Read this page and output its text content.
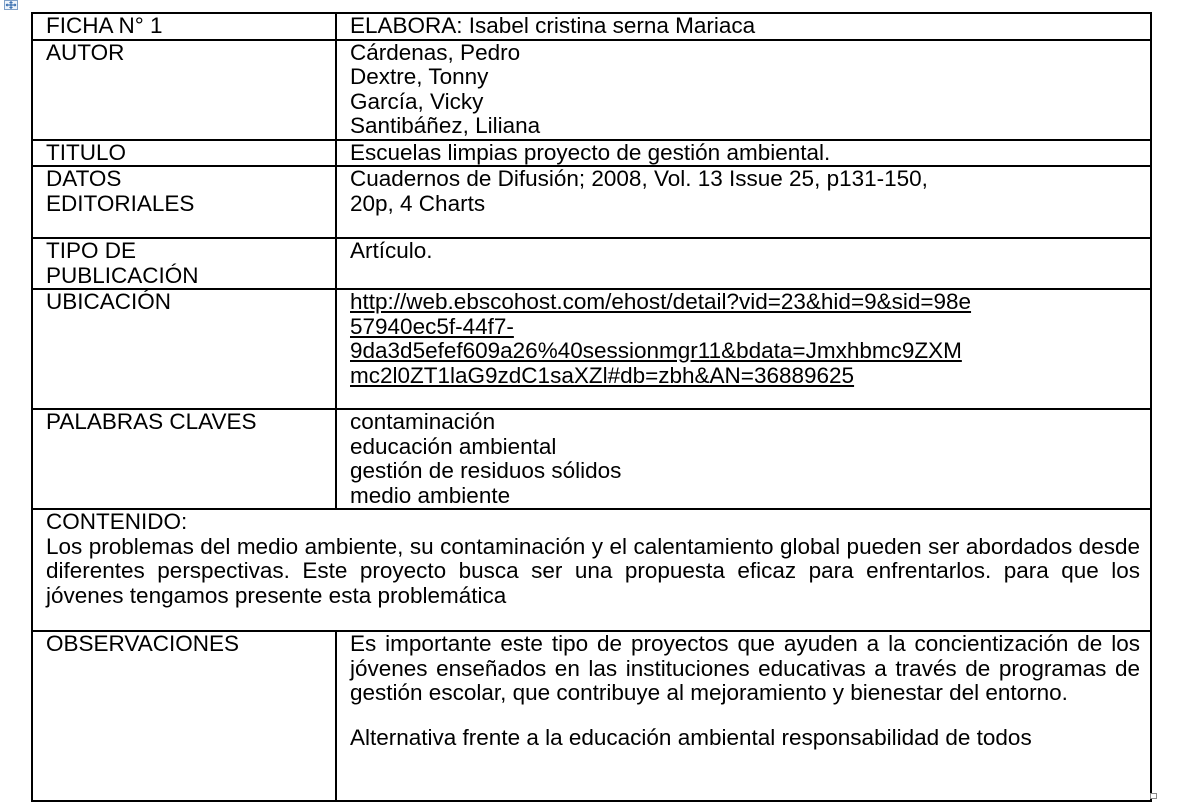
FICHA N° 1	ELABORA: Isabel cristina serna Mariaca
AUTOR	Cárdenas, Pedro
Dextre, Tonny
García, Vicky
Santibáñez, Liliana

TITULO	Escuelas limpias proyecto de gestión ambiental.

DATOS
EDITORIALES	Cuadernos de Difusión; 2008, Vol. 13 Issue 25, p131-150,
20p, 4 Charts

TIPO DE
PUBLICACIÓN	Artículo.
UBICACIÓN	http://web.ebscohost.com/ehost/detail?vid=23&hid=9&sid=98e
57940ec5f-44f7-
9da3d5efef609a26%40sessionmgr11&bdata=Jmxhbmc9ZXM
mc2l0ZT1laG9zdC1saXZl#db=zbh&AN=36889625

PALABRAS CLAVES	contaminación
educación ambiental
gestión de residuos sólidos
medio ambiente

CONTENIDO:
Los problemas del medio ambiente, su contaminación y el calentamiento global pueden ser abordados desde diferentes perspectivas. Este proyecto busca ser una propuesta eficaz para enfrentarlos. para que los jóvenes tengamos presente esta problemática	

OBSERVACIONES	Es importante este tipo de proyectos que ayuden a la concientización de los jóvenes enseñados en las instituciones educativas a través de programas de gestión escolar, que contribuye al mejoramiento y bienestar del entorno.
Alternativa frente a la educación ambiental responsabilidad de todos
